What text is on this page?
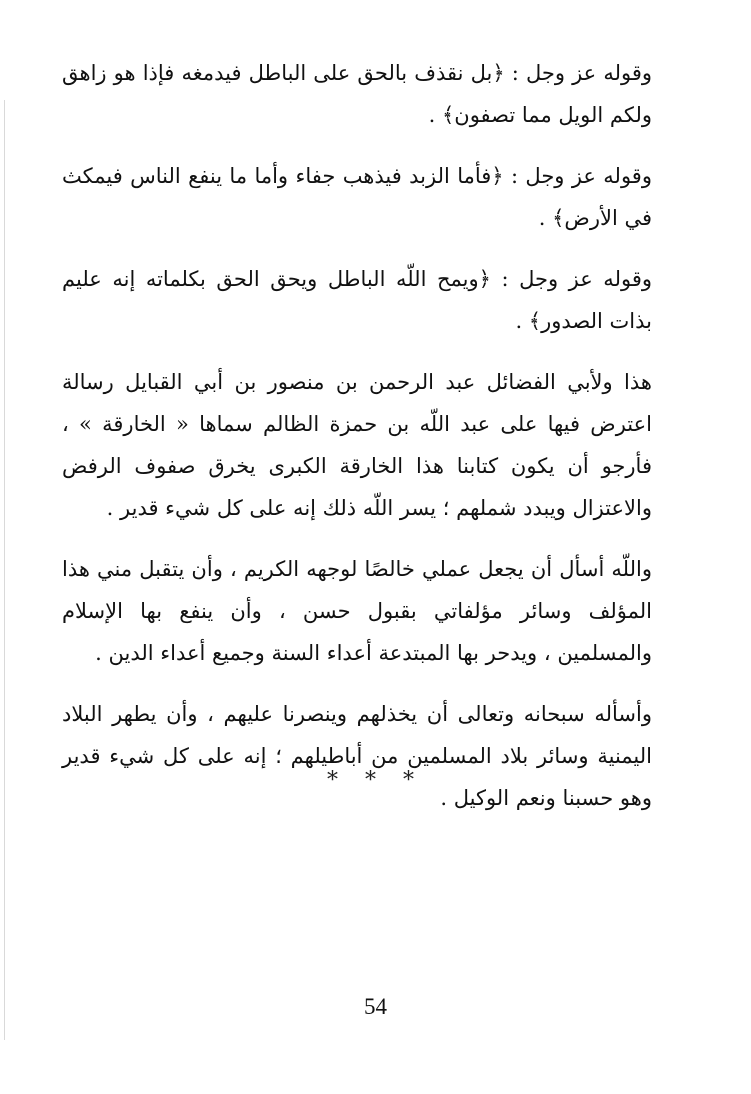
وقوله عز وجل : ﴿بل نقذف بالحق على الباطل فيدمغه فإذا هو زاهق ولكم الويل مما تصفون﴾ .

وقوله عز وجل : ﴿فأما الزبد فيذهب جفاء وأما ما ينفع الناس فيمكث في الأرض﴾ .

وقوله عز وجل : ﴿ويمح اللّه الباطل ويحق الحق بكلماته إنه عليم بذات الصدور﴾ .

هذا ولأبي الفضائل عبد الرحمن بن منصور بن أبي القبايل رسالة اعترض فيها على عبد اللّه بن حمزة الظالم سماها « الخارقة » ، فأرجو أن يكون كتابنا هذا الخارقة الكبرى يخرق صفوف الرفض والاعتزال ويبدد شملهم ؛ يسر اللّه ذلك إنه على كل شيء قدير .

واللّه أسأل أن يجعل عملي خالصًا لوجهه الكريم ، وأن يتقبل مني هذا المؤلف وسائر مؤلفاتي بقبول حسن ، وأن ينفع بها الإسلام والمسلمين ، ويدحر بها المبتدعة أعداء السنة وجميع أعداء الدين .

وأسأله سبحانه وتعالى أن يخذلهم وينصرنا عليهم ، وأن يطهر البلاد اليمنية وسائر بلاد المسلمين من أباطيلهم ؛ إنه على كل شيء قدير وهو حسبنا ونعم الوكيل .

* * *
54
